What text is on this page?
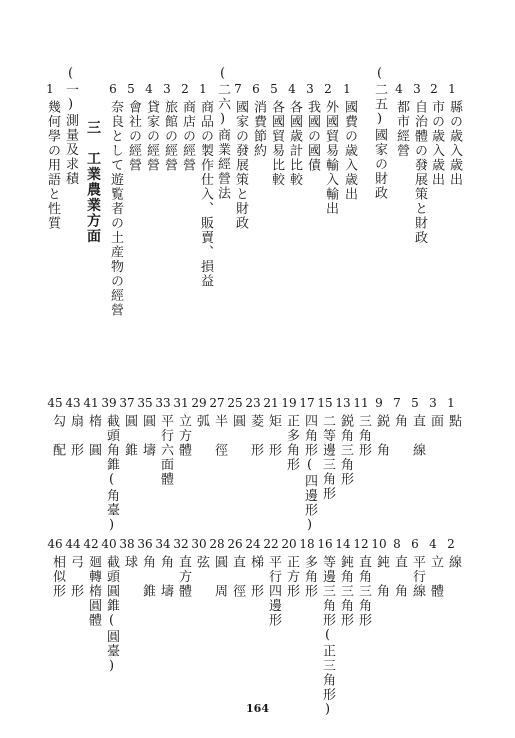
1
縣の歳入歳出
2
市の歳入歳出
3
自治體の發展策と財政
4
都市經營
(二五)國家の財政
1
國費の歳入歳出
2
外國貿易輸入輸出
3
我國の國債
4
各國歳計比較
5
各國貿易比較
6
消費節約
7
國家の發展策と財政
(二六)商業經營法
1
商品の製作仕入、販賣、損益
2
商店の經營
3
旅館の經營
4
貸家の經營
5
會社の經營
6
奈良として遊覧者の土産物の經營
三　工業農業方面
(一)測量及求積
1
幾何學の用語と性質
1
點
2
線
3
面
4
立　體
5
直　線
6
平行線
7
角
8
直　角
9
鋭　角
10
鈍　角
11
三角形
12
直角三角形
13
鋭角三角形
14
鈍角三角形
15
二等邊三角形
16
等邊三角形(正三角形)
17
四角形(四邊形)
18
多角形
19
正多角形
20
正方形
21
矩　形
22
平行四邊形
23
菱　形
24
梯　形
25
圓
26
直　徑
27
半　徑
28
圓　周
29
弧
30
弦
31
立方體
32
直方體
33
平行六面體
34
角　壔
35
圓　壔
36
角　錐
37
圓　錐
38
球
39
截頭角錐(角臺)
40
截頭圓錐(圓臺)
41
楕　圓
42
廻轉楕圓體
43
扇　形
44
弓　形
45
勾　配
46
相似形
164
